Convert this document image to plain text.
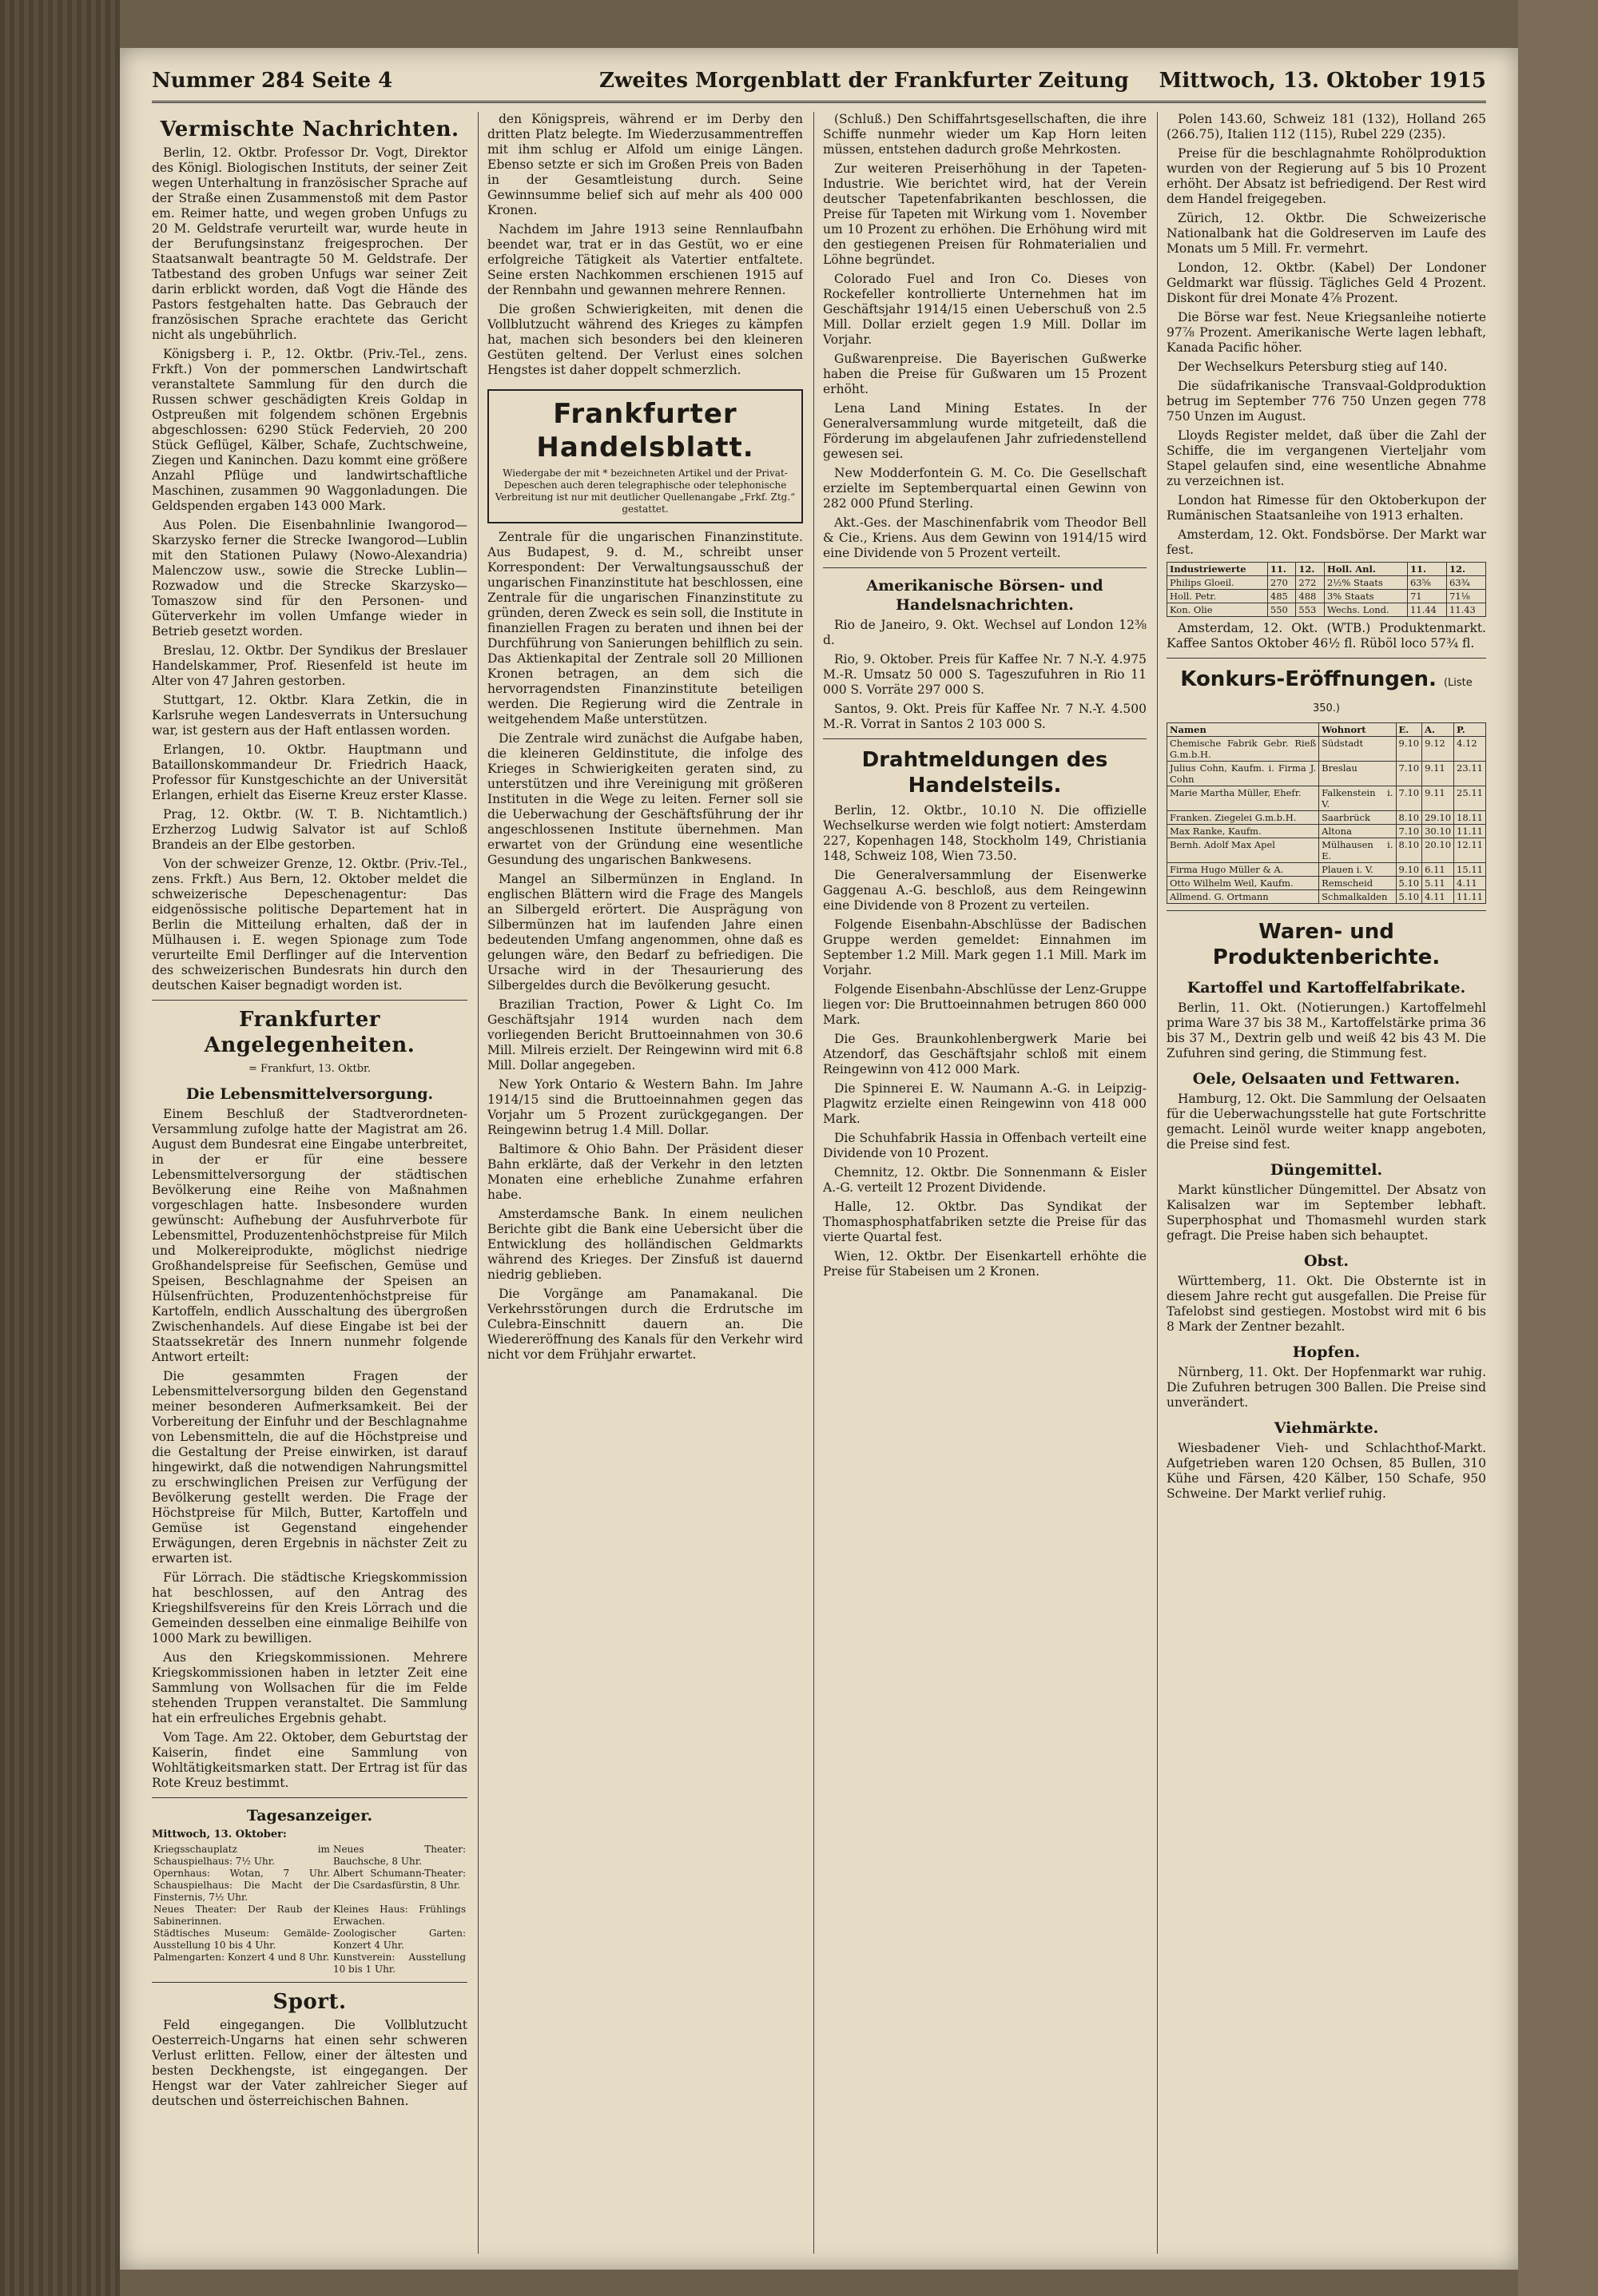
Nummer 284 Seite 4	Zweites Morgenblatt der Frankfurter Zeitung Mittwoch, 13. Oktober 1915
Vermischte Nachrichten.

Berlin, 12. Oktbr. Professor Dr. Vogt, Direktor des Königl. Biologischen Instituts, der seiner Zeit wegen Unterhaltung in französischer Sprache auf der Straße einen Zusammenstoß mit dem Pastor em. Reimer hatte, und wegen groben Unfugs zu 20 M. Geldstrafe verurteilt war, wurde heute in der Berufungsinstanz freigesprochen. Der Staatsanwalt beantragte 50 M. Geldstrafe. Der Tatbestand des groben Unfugs war seiner Zeit darin erblickt worden, daß Vogt die Hände des Pastors festgehalten hatte. Das Gebrauch der französischen Sprache erachtete das Gericht nicht als ungebührlich.

Königsberg i. P., 12. Oktbr. (Priv.-Tel., zens. Frkft.) Von der pommerschen Landwirtschaft veranstaltete Sammlung für den durch die Russen schwer geschädigten Kreis Goldap in Ostpreußen mit folgendem schönen Ergebnis abgeschlossen: 6290 Stück Federvieh, 20 200 Stück Geflügel, Kälber, Schafe, Zuchtschweine, Ziegen und Kaninchen. Dazu kommt eine größere Anzahl Pflüge und landwirtschaftliche Maschinen, zusammen 90 Waggonladungen. Die Geldspenden ergaben 143 000 Mark.

Aus Polen. Die Eisenbahnlinie Iwangorod—Skarzysko ferner die Strecke Iwangorod—Lublin mit den Stationen Pulawy (Nowo-Alexandria) Malenczow usw., sowie die Strecke Lublin—Rozwadow und die Strecke Skarzysko—Tomaszow sind für den Personen- und Güterverkehr im vollen Umfange wieder in Betrieb gesetzt worden.

Breslau, 12. Oktbr. Der Syndikus der Breslauer Handelskammer, Prof. Riesenfeld ist heute im Alter von 47 Jahren gestorben.

Stuttgart, 12. Oktbr. Klara Zetkin, die in Karlsruhe wegen Landesverrats in Untersuchung war, ist gestern aus der Haft entlassen worden.

Erlangen, 10. Oktbr. Hauptmann und Bataillonskommandeur Dr. Friedrich Haack, Professor für Kunstgeschichte an der Universität Erlangen, erhielt das Eiserne Kreuz erster Klasse.

Prag, 12. Oktbr. (W. T. B. Nichtamtlich.) Erzherzog Ludwig Salvator ist auf Schloß Brandeis an der Elbe gestorben.

Von der schweizer Grenze, 12. Oktbr. (Priv.-Tel., zens. Frkft.) Aus Bern, 12. Oktober meldet die schweizerische Depeschenagentur: Das eidgenössische politische Departement hat in Berlin die Mitteilung erhalten, daß der in Mülhausen i. E. wegen Spionage zum Tode verurteilte Emil Derflinger auf die Intervention des schweizerischen Bundesrats hin durch den deutschen Kaiser begnadigt worden ist.

Frankfurter Angelegenheiten.
= Frankfurt, 13. Oktbr.
Die Lebensmittelversorgung.

Einem Beschluß der Stadtverordneten-Versammlung zufolge hatte der Magistrat am 26. August dem Bundesrat eine Eingabe unterbreitet, in der er für eine bessere Lebensmittelversorgung der städtischen Bevölkerung eine Reihe von Maßnahmen vorgeschlagen hatte. Insbesondere wurden gewünscht: Aufhebung der Ausfuhrverbote für Lebensmittel, Produzentenhöchstpreise für Milch und Molkereiprodukte, möglichst niedrige Großhandelspreise für Seefischen, Gemüse und Speisen, Beschlagnahme der Speisen an Hülsenfrüchten, Produzentenhöchstpreise für Kartoffeln, endlich Ausschaltung des übergroßen Zwischenhandels. Auf diese Eingabe ist bei der Staatssekretär des Innern nunmehr folgende Antwort erteilt:

Die gesammten Fragen der Lebensmittelversorgung bilden den Gegenstand meiner besonderen Aufmerksamkeit. Bei der Vorbereitung der Einfuhr und der Beschlagnahme von Lebensmitteln, die auf die Höchstpreise und die Gestaltung der Preise einwirken, ist darauf hingewirkt, daß die notwendigen Nahrungsmittel zu erschwinglichen Preisen zur Verfügung der Bevölkerung gestellt werden. Die Frage der Höchstpreise für Milch, Butter, Kartoffeln und Gemüse ist Gegenstand eingehender Erwägungen, deren Ergebnis in nächster Zeit zu erwarten ist.

Für Lörrach. Die städtische Kriegskommission hat beschlossen, auf den Antrag des Kriegshilfsvereins für den Kreis Lörrach und die Gemeinden desselben eine einmalige Beihilfe von 1000 Mark zu bewilligen.

Aus den Kriegskommissionen. Mehrere Kriegskommissionen haben in letzter Zeit eine Sammlung von Wollsachen für die im Felde stehenden Truppen veranstaltet. Die Sammlung hat ein erfreuliches Ergebnis gehabt.

Vom Tage. Am 22. Oktober, dem Geburtstag der Kaiserin, findet eine Sammlung von Wohltätigkeitsmarken statt. Der Ertrag ist für das Rote Kreuz bestimmt.

Tagesanzeiger.
Mittwoch, 13. Oktober:
Kriegsschauplatz im Schauspielhaus: 7½ Uhr.	Neues Theater: Bauchsche, 8 Uhr.
Opernhaus: Wotan, 7 Uhr. Schauspielhaus: Die Macht der Finsternis, 7½ Uhr.	Albert Schumann-Theater: Die Csardasfürstin, 8 Uhr.
Neues Theater: Der Raub der Sabinerinnen.	Kleines Haus: Frühlings Erwachen.
Städtisches Museum: Gemälde-Ausstellung 10 bis 4 Uhr.	Zoologischer Garten: Konzert 4 Uhr.
Palmengarten: Konzert 4 und 8 Uhr.	Kunstverein: Ausstellung 10 bis 1 Uhr.
Sport.

Feld eingegangen. Die Vollblutzucht Oesterreich-Ungarns hat einen sehr schweren Verlust erlitten. Fellow, einer der ältesten und besten Deckhengste, ist eingegangen. Der Hengst war der Vater zahlreicher Sieger auf deutschen und österreichischen Bahnen.

den Königspreis, während er im Derby den dritten Platz belegte. Im Wiederzusammentreffen mit ihm schlug er Alfold um einige Längen. Ebenso setzte er sich im Großen Preis von Baden in der Gesamtleistung durch. Seine Gewinnsumme belief sich auf mehr als 400 000 Kronen.

Nachdem im Jahre 1913 seine Rennlaufbahn beendet war, trat er in das Gestüt, wo er eine erfolgreiche Tätigkeit als Vatertier entfaltete. Seine ersten Nachkommen erschienen 1915 auf der Rennbahn und gewannen mehrere Rennen.

Die großen Schwierigkeiten, mit denen die Vollblutzucht während des Krieges zu kämpfen hat, machen sich besonders bei den kleineren Gestüten geltend. Der Verlust eines solchen Hengstes ist daher doppelt schmerzlich.

Frankfurter Handelsblatt.
Wiedergabe der mit * bezeichneten Artikel und der Privat-Depeschen auch deren telegraphische oder telephonische Verbreitung ist nur mit deutlicher Quellenangabe „Frkf. Ztg.“ gestattet.

Zentrale für die ungarischen Finanzinstitute. Aus Budapest, 9. d. M., schreibt unser Korrespondent: Der Verwaltungsausschuß der ungarischen Finanzinstitute hat beschlossen, eine Zentrale für die ungarischen Finanzinstitute zu gründen, deren Zweck es sein soll, die Institute in finanziellen Fragen zu beraten und ihnen bei der Durchführung von Sanierungen behilflich zu sein. Das Aktienkapital der Zentrale soll 20 Millionen Kronen betragen, an dem sich die hervorragendsten Finanzinstitute beteiligen werden. Die Regierung wird die Zentrale in weitgehendem Maße unterstützen.

Die Zentrale wird zunächst die Aufgabe haben, die kleineren Geldinstitute, die infolge des Krieges in Schwierigkeiten geraten sind, zu unterstützen und ihre Vereinigung mit größeren Instituten in die Wege zu leiten. Ferner soll sie die Ueberwachung der Geschäftsführung der ihr angeschlossenen Institute übernehmen. Man erwartet von der Gründung eine wesentliche Gesundung des ungarischen Bankwesens.

Mangel an Silbermünzen in England. In englischen Blättern wird die Frage des Mangels an Silbergeld erörtert. Die Ausprägung von Silbermünzen hat im laufenden Jahre einen bedeutenden Umfang angenommen, ohne daß es gelungen wäre, den Bedarf zu befriedigen. Die Ursache wird in der Thesaurierung des Silbergeldes durch die Bevölkerung gesucht.

Brazilian Traction, Power & Light Co. Im Geschäftsjahr 1914 wurden nach dem vorliegenden Bericht Bruttoeinnahmen von 30.6 Mill. Milreis erzielt. Der Reingewinn wird mit 6.8 Mill. Dollar angegeben.

New York Ontario & Western Bahn. Im Jahre 1914/15 sind die Bruttoeinnahmen gegen das Vorjahr um 5 Prozent zurückgegangen. Der Reingewinn betrug 1.4 Mill. Dollar.

Baltimore & Ohio Bahn. Der Präsident dieser Bahn erklärte, daß der Verkehr in den letzten Monaten eine erhebliche Zunahme erfahren habe.

Amsterdamsche Bank. In einem neulichen Berichte gibt die Bank eine Uebersicht über die Entwicklung des holländischen Geldmarkts während des Krieges. Der Zinsfuß ist dauernd niedrig geblieben.

Die Vorgänge am Panamakanal. Die Verkehrsstörungen durch die Erdrutsche im Culebra-Einschnitt dauern an. Die Wiedereröffnung des Kanals für den Verkehr wird nicht vor dem Frühjahr erwartet.

(Schluß.) Den Schiffahrtsgesellschaften, die ihre Schiffe nunmehr wieder um Kap Horn leiten müssen, entstehen dadurch große Mehrkosten.

Zur weiteren Preiserhöhung in der Tapeten-Industrie. Wie berichtet wird, hat der Verein deutscher Tapetenfabrikanten beschlossen, die Preise für Tapeten mit Wirkung vom 1. November um 10 Prozent zu erhöhen. Die Erhöhung wird mit den gestiegenen Preisen für Rohmaterialien und Löhne begründet.

Colorado Fuel and Iron Co. Dieses von Rockefeller kontrollierte Unternehmen hat im Geschäftsjahr 1914/15 einen Ueberschuß von 2.5 Mill. Dollar erzielt gegen 1.9 Mill. Dollar im Vorjahr.

Gußwarenpreise. Die Bayerischen Gußwerke haben die Preise für Gußwaren um 15 Prozent erhöht.

Lena Land Mining Estates. In der Generalversammlung wurde mitgeteilt, daß die Förderung im abgelaufenen Jahr zufriedenstellend gewesen sei.

New Modderfontein G. M. Co. Die Gesellschaft erzielte im Septemberquartal einen Gewinn von 282 000 Pfund Sterling.

Akt.-Ges. der Maschinenfabrik vom Theodor Bell & Cie., Kriens. Aus dem Gewinn von 1914/15 wird eine Dividende von 5 Prozent verteilt.

Amerikanische Börsen- und Handelsnachrichten.

Rio de Janeiro, 9. Okt. Wechsel auf London 12⅜ d.

Rio, 9. Oktober. Preis für Kaffee Nr. 7 N.-Y. 4.975 M.-R. Umsatz 50 000 S. Tageszufuhren in Rio 11 000 S. Vorräte 297 000 S.

Santos, 9. Okt. Preis für Kaffee Nr. 7 N.-Y. 4.500 M.-R. Vorrat in Santos 2 103 000 S.

Drahtmeldungen des Handelsteils.

Berlin, 12. Oktbr., 10.10 N. Die offizielle Wechselkurse werden wie folgt notiert: Amsterdam 227, Kopenhagen 148, Stockholm 149, Christiania 148, Schweiz 108, Wien 73.50.

Die Generalversammlung der Eisenwerke Gaggenau A.-G. beschloß, aus dem Reingewinn eine Dividende von 8 Prozent zu verteilen.

Folgende Eisenbahn-Abschlüsse der Badischen Gruppe werden gemeldet: Einnahmen im September 1.2 Mill. Mark gegen 1.1 Mill. Mark im Vorjahr.

Folgende Eisenbahn-Abschlüsse der Lenz-Gruppe liegen vor: Die Bruttoeinnahmen betrugen 860 000 Mark.

Die Ges. Braunkohlenbergwerk Marie bei Atzendorf, das Geschäftsjahr schloß mit einem Reingewinn von 412 000 Mark.

Die Spinnerei E. W. Naumann A.-G. in Leipzig-Plagwitz erzielte einen Reingewinn von 418 000 Mark.

Die Schuhfabrik Hassia in Offenbach verteilt eine Dividende von 10 Prozent.

Chemnitz, 12. Oktbr. Die Sonnenmann & Eisler A.-G. verteilt 12 Prozent Dividende.

Halle, 12. Oktbr. Das Syndikat der Thomasphosphatfabriken setzte die Preise für das vierte Quartal fest.

Wien, 12. Oktbr. Der Eisenkartell erhöhte die Preise für Stabeisen um 2 Kronen.

Polen 143.60, Schweiz 181 (132), Holland 265 (266.75), Italien 112 (115), Rubel 229 (235).

Preise für die beschlagnahmte Rohölproduktion wurden von der Regierung auf 5 bis 10 Prozent erhöht. Der Absatz ist befriedigend. Der Rest wird dem Handel freigegeben.

Zürich, 12. Oktbr. Die Schweizerische Nationalbank hat die Goldreserven im Laufe des Monats um 5 Mill. Fr. vermehrt.

London, 12. Oktbr. (Kabel) Der Londoner Geldmarkt war flüssig. Tägliches Geld 4 Prozent. Diskont für drei Monate 4⅞ Prozent.

Die Börse war fest. Neue Kriegsanleihe notierte 97⅞ Prozent. Amerikanische Werte lagen lebhaft, Kanada Pacific höher.

Der Wechselkurs Petersburg stieg auf 140.

Die südafrikanische Transvaal-Goldproduktion betrug im September 776 750 Unzen gegen 778 750 Unzen im August.

Lloyds Register meldet, daß über die Zahl der Schiffe, die im vergangenen Vierteljahr vom Stapel gelaufen sind, eine wesentliche Abnahme zu verzeichnen ist.

London hat Rimesse für den Oktoberkupon der Rumänischen Staatsanleihe von 1913 erhalten.

Amsterdam, 12. Okt. Fondsbörse. Der Markt war fest.

Industriewerte	11.	12.	Holl. Anl.	11.	12.
Philips Gloeil.	270	272	2½% Staats	63⅝	63¾
Holl. Petr.	485	488	3% Staats	71	71⅛
Kon. Olie	550	553	Wechs. Lond.	11.44	11.43

Amsterdam, 12. Okt. (WTB.) Produktenmarkt. Kaffee Santos Oktober 46½ fl. Rüböl loco 57¾ fl.

Konkurs-Eröffnungen. (Liste 350.)
Namen	Wohnort	E.	A.	P.
Chemische Fabrik Gebr. Rieß G.m.b.H.	Südstadt	9.10	9.12	4.12
Julius Cohn, Kaufm. i. Firma J. Cohn	Breslau	7.10	9.11	23.11
Marie Martha Müller, Ehefr.	Falkenstein i. V.	7.10	9.11	25.11
Franken. Ziegelei G.m.b.H.	Saarbrück	8.10	29.10	18.11
Max Ranke, Kaufm.	Altona	7.10	30.10	11.11
Bernh. Adolf Max Apel	Mülhausen i. E.	8.10	20.10	12.11
Firma Hugo Müller & A.	Plauen i. V.	9.10	6.11	15.11
Otto Wilhelm Weil, Kaufm.	Remscheid	5.10	5.11	4.11
Allmend. G. Ortmann	Schmalkalden	5.10	4.11	11.11
Waren- und Produktenberichte.
Kartoffel und Kartoffelfabrikate.

Berlin, 11. Okt. (Notierungen.) Kartoffelmehl prima Ware 37 bis 38 M., Kartoffelstärke prima 36 bis 37 M., Dextrin gelb und weiß 42 bis 43 M. Die Zufuhren sind gering, die Stimmung fest.

Oele, Oelsaaten und Fettwaren.

Hamburg, 12. Okt. Die Sammlung der Oelsaaten für die Ueberwachungsstelle hat gute Fortschritte gemacht. Leinöl wurde weiter knapp angeboten, die Preise sind fest.

Düngemittel.

Markt künstlicher Düngemittel. Der Absatz von Kalisalzen war im September lebhaft. Superphosphat und Thomasmehl wurden stark gefragt. Die Preise haben sich behauptet.

Obst.

Württemberg, 11. Okt. Die Obsternte ist in diesem Jahre recht gut ausgefallen. Die Preise für Tafelobst sind gestiegen. Mostobst wird mit 6 bis 8 Mark der Zentner bezahlt.

Hopfen.

Nürnberg, 11. Okt. Der Hopfenmarkt war ruhig. Die Zufuhren betrugen 300 Ballen. Die Preise sind unverändert.

Viehmärkte.

Wiesbadener Vieh- und Schlachthof-Markt. Aufgetrieben waren 120 Ochsen, 85 Bullen, 310 Kühe und Färsen, 420 Kälber, 150 Schafe, 950 Schweine. Der Markt verlief ruhig.
